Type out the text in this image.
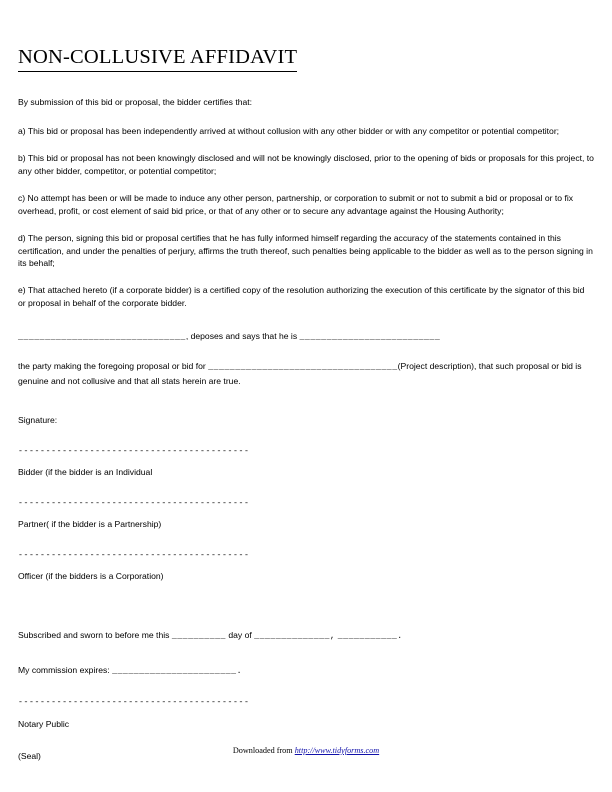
NON-COLLUSIVE AFFIDAVIT

By submission of this bid or proposal, the bidder certifies that:

a) This bid or proposal has been independently arrived at without collusion with any other bidder or with any competitor or potential competitor;

b) This bid or proposal has not been knowingly disclosed and will not be knowingly disclosed, prior to the opening of bids or proposals for this project, to any other bidder, competitor, or potential competitor;

c) No attempt has been or will be made to induce any other person, partnership, or corporation to submit or not to submit a bid or proposal or to fix overhead, profit, or cost element of said bid price, or that of any other or to secure any advantage against the Housing Authority;

d) The person, signing this bid or proposal certifies that he has fully informed himself regarding the accuracy of the statements contained in this certification, and under the penalties of perjury, affirms the truth thereof, such penalties being applicable to the bidder as well as to the person signing in its behalf;

e) That attached hereto (if a corporate bidder) is a certified copy of the resolution authorizing the execution of this certificate by the signator of this bid or proposal in behalf of the corporate bidder.

_______________________________, deposes and says that he is __________________________

the party making the foregoing proposal or bid for ___________________________________(Project description), that such proposal or bid is genuine and not collusive and that all stats herein are true.

Signature:

------------------------------------------

Bidder (if the bidder is an Individual

------------------------------------------

Partner( if the bidder is a Partnership)

------------------------------------------

Officer (if the bidders is a Corporation)

Subscribed and sworn to before me this __________ day of ______________, ___________.

My commission expires: _______________________.

------------------------------------------

Notary Public

(Seal)

Downloaded from http://www.tidyforms.com
